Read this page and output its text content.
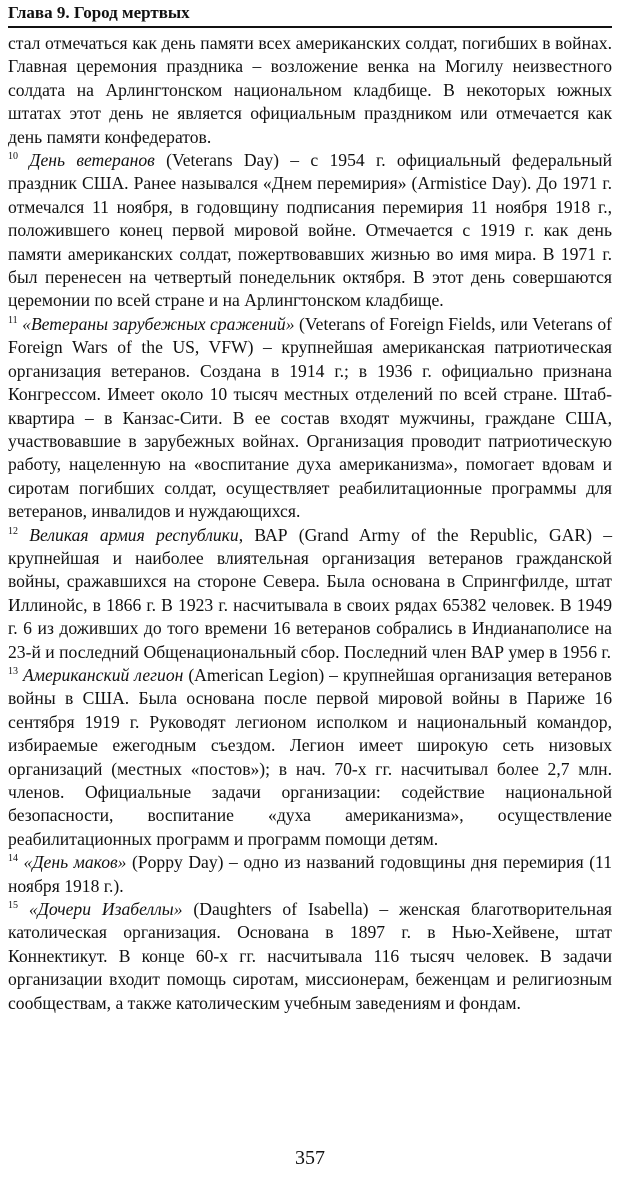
Глава 9. Город мертвых

стал отмечаться как день памяти всех американских солдат, погибших в войнах. Главная церемония праздника – возложение венка на Могилу неизвестного солдата на Арлингтонском национальном кладбище. В некоторых южных штатах этот день не является официальным праздником или отмечается как день памяти конфедератов.

$^{10}$ День ветеранов (Veterans Day) – с 1954 г. официальный федеральный праздник США. Ранее назывался «Днем перемирия» (Armistice Day). До 1971 г. отмечался 11 ноября, в годовщину подписания перемирия 11 ноября 1918 г., положившего конец первой мировой войне. Отмечается с 1919 г. как день памяти американских солдат, пожертвовавших жизнью во имя мира. В 1971 г. был перенесен на четвертый понедельник октября. В этот день совершаются церемонии по всей стране и на Арлингтонском кладбище.

$^{11}$ «Ветераны зарубежных сражений» (Veterans of Foreign Fields, или Veterans of Foreign Wars of the US, VFW) – крупнейшая американская патриотическая организация ветеранов. Создана в 1914 г.; в 1936 г. официально признана Конгрессом. Имеет около 10 тысяч местных отделений по всей стране. Штаб-квартира – в Канзас-Сити. В ее состав входят мужчины, граждане США, участвовавшие в зарубежных войнах. Организация проводит патриотическую работу, нацеленную на «воспитание духа американизма», помогает вдовам и сиротам погибших солдат, осуществляет реабилитационные программы для ветеранов, инвалидов и нуждающихся.

$^{12}$ Великая армия республики, ВАР (Grand Army of the Republic, GAR) – крупнейшая и наиболее влиятельная организация ветеранов гражданской войны, сражавшихся на стороне Севера. Была основана в Спрингфилде, штат Иллинойс, в 1866 г. В 1923 г. насчитывала в своих рядах 65382 человек. В 1949 г. 6 из доживших до того времени 16 ветеранов собрались в Индианаполисе на 23-й и последний Общенациональный сбор. Последний член ВАР умер в 1956 г.

$^{13}$ Американский легион (American Legion) – крупнейшая организация ветеранов войны в США. Была основана после первой мировой войны в Париже 16 сентября 1919 г. Руководят легионом исполком и национальный командор, избираемые ежегодным съездом. Легион имеет широкую сеть низовых организаций (местных «постов»); в нач. 70-х гг. насчитывал более 2,7 млн. членов. Официальные задачи организации: содействие национальной безопасности, воспитание «духа американизма», осуществление реабилитационных программ и программ помощи детям.

$^{14}$ «День маков» (Poppy Day) – одно из названий годовщины дня перемирия (11 ноября 1918 г.).

$^{15}$ «Дочери Изабеллы» (Daughters of Isabella) – женская благотворительная католическая организация. Основана в 1897 г. в Нью-Хейвене, штат Коннектикут. В конце 60-х гг. насчитывала 116 тысяч человек. В задачи организации входит помощь сиротам, миссионерам, беженцам и религиозным сообществам, а также католическим учебным заведениям и фондам.

357
